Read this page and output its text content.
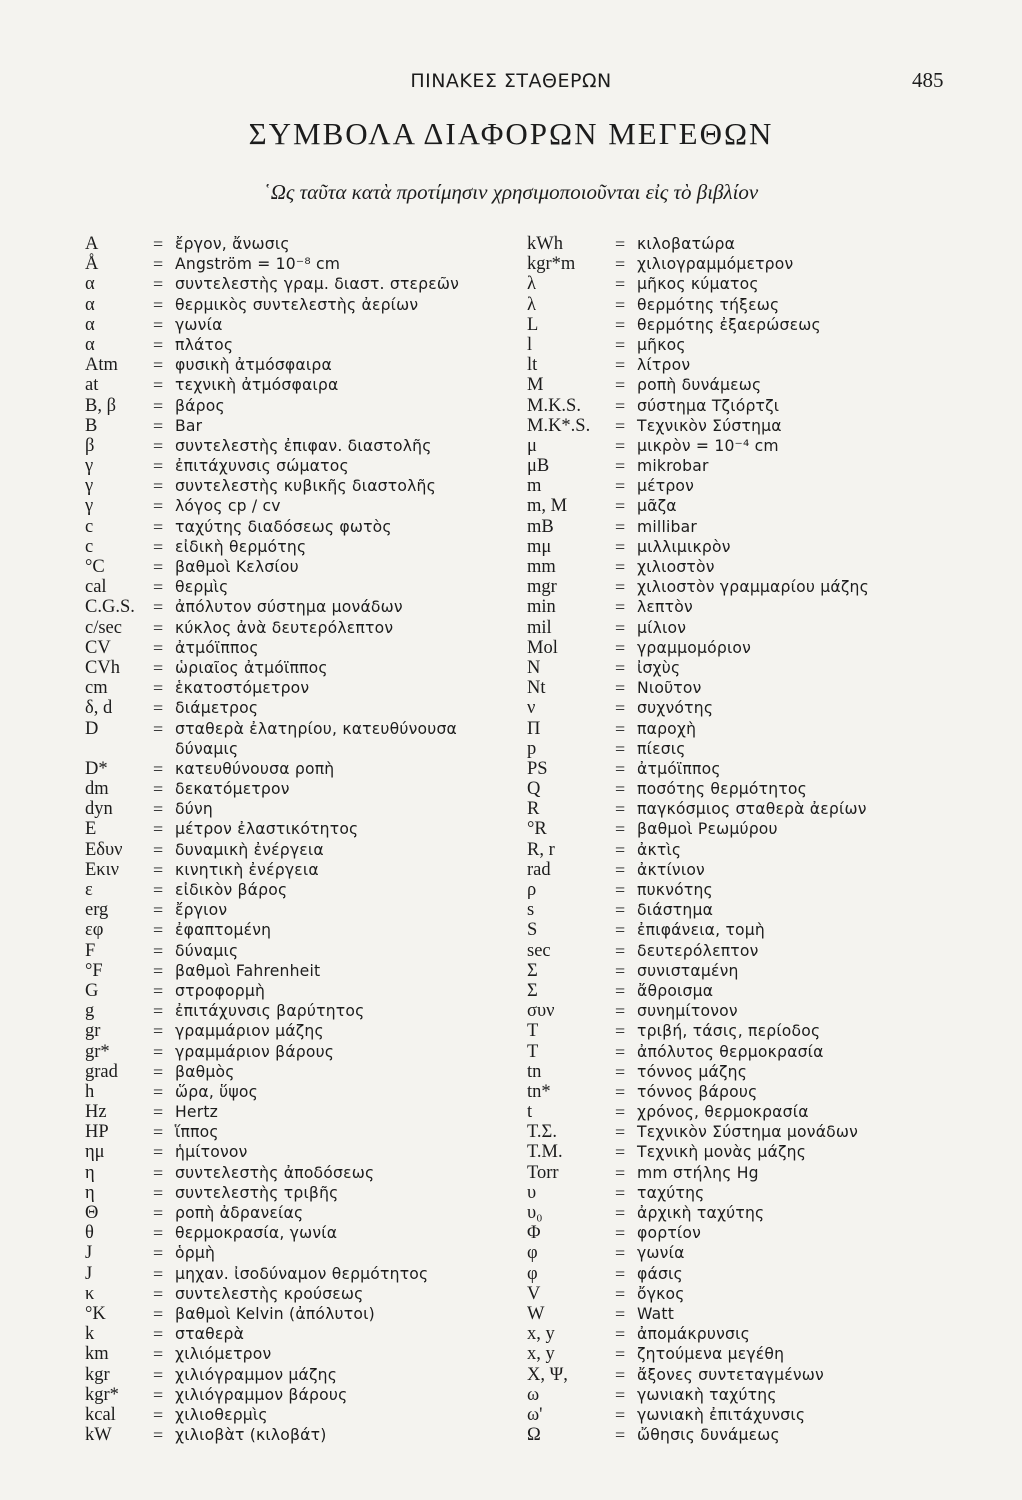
ΠΙΝΑΚΕΣ ΣΤΑΘΕΡΩΝ	485
ΣΥΜΒΟΛΑ ΔΙΑΦΟΡΩΝ ΜΕΓΕΘΩΝ
῾Ως ταῦτα κατὰ προτίμησιν χρησιμοποιοῦνται εἰς τὸ βιβλίον
A	= ἔργον, ἄνωσις
Å	= Angström = 10⁻⁸ cm
α	= συντελεστὴς γραμ. διαστ. στερεῶν
α	= θερμικὸς συντελεστὴς ἀερίων
α	= γωνία
α	= πλάτος
Atm	= φυσικὴ ἀτμόσφαιρα
at	= τεχνικὴ ἀτμόσφαιρα
B, β	= βάρος
B	= Bar
β	= συντελεστὴς ἐπιφαν. διαστολῆς
γ	= ἐπιτάχυνσις σώματος
γ	= συντελεστὴς κυβικῆς διαστολῆς
γ	= λόγος cp / cv
c	= ταχύτης διαδόσεως φωτὸς
c	= εἰδικὴ θερμότης
°C	= βαθμοὶ Κελσίου
cal	= θερμὶς
C.G.S.	= ἀπόλυτον σύστημα μονάδων
c/sec	= κύκλος ἀνὰ δευτερόλεπτον
CV	= ἀτμόϊππος
CVh	= ὡριαῖος ἀτμόϊππος
cm	= ἑκατοστόμετρον
δ, d	= διάμετρος
D	= σταθερὰ ἐλατηρίου, κατευθύνουσα δύναμις
D*	= κατευθύνουσα ροπὴ
dm	= δεκατόμετρον
dyn	= δύνη
E	= μέτρον ἐλαστικότητος
Eδυν	= δυναμικὴ ἐνέργεια
Eκιν	= κινητικὴ ἐνέργεια
ε	= εἰδικὸν βάρος
erg	= ἔργιον
εφ	= ἐφαπτομένη
F	= δύναμις
°F	= βαθμοὶ Fahrenheit
G	= στροφορμὴ
g	= ἐπιτάχυνσις βαρύτητος
gr	= γραμμάριον μάζης
gr*	= γραμμάριον βάρους
grad	= βαθμὸς
h	= ὥρα, ὕψος
Hz	= Hertz
HP	= ἵππος
ημ	= ἡμίτονον
η	= συντελεστὴς ἀποδόσεως
η	= συντελεστὴς τριβῆς
Θ	= ροπὴ ἀδρανείας
θ	= θερμοκρασία, γωνία
J	= ὁρμὴ
J	= μηχαν. ἰσοδύναμον θερμότητος
κ	= συντελεστὴς κρούσεως
°K	= βαθμοὶ Kelvin (ἀπόλυτοι)
k	= σταθερὰ
km	= χιλιόμετρον
kgr	= χιλιόγραμμον μάζης
kgr*	= χιλιόγραμμον βάρους
kcal	= χιλιοθερμὶς
kW	= χιλιοβὰτ (κιλοβάτ)
kWh	= κιλοβατώρα
kgr*m	= χιλιογραμμόμετρον
λ	= μῆκος κύματος
λ	= θερμότης τήξεως
L	= θερμότης ἐξαερώσεως
l	= μῆκος
lt	= λίτρον
M	= ροπὴ δυνάμεως
M.K.S.	= σύστημα Τζιόρτζι
M.K*.S.	= Τεχνικὸν Σύστημα
μ	= μικρὸν = 10⁻⁴ cm
μB	= mikrobar
m	= μέτρον
m, M	= μᾶζα
mB	= millibar
mμ	= μιλλιμικρὸν
mm	= χιλιοστὸν
mgr	= χιλιοστὸν γραμμαρίου μάζης
min	= λεπτὸν
mil	= μίλιον
Mol	= γραμμομόριον
N	= ἰσχὺς
Nt	= Νιοῦτον
ν	= συχνότης
Π	= παροχὴ
p	= πίεσις
PS	= ἀτμόϊππος
Q	= ποσότης θερμότητος
R	= παγκόσμιος σταθερὰ ἀερίων
°R	= βαθμοὶ Ρεωμύρου
R, r	= ἀκτὶς
rad	= ἀκτίνιον
ρ	= πυκνότης
s	= διάστημα
S	= ἐπιφάνεια, τομὴ
sec	= δευτερόλεπτον
Σ	= συνισταμένη
Σ	= ἄθροισμα
συν	= συνημίτονον
T	= τριβή, τάσις, περίοδος
T	= ἀπόλυτος θερμοκρασία
tn	= τόννος μάζης
tn*	= τόννος βάρους
t	= χρόνος, θερμοκρασία
T.Σ.	= Τεχνικὸν Σύστημα μονάδων
T.M.	= Τεχνικὴ μονὰς μάζης
Torr	= mm στήλης Hg
υ	= ταχύτης
υ₀	= ἀρχικὴ ταχύτης
Φ	= φορτίον
φ	= γωνία
φ	= φάσις
V	= ὄγκος
W	= Watt
x, y	= ἀπομάκρυνσις
x, y	= ζητούμενα μεγέθη
X, Ψ,	= ἄξονες συντεταγμένων
ω	= γωνιακὴ ταχύτης
ω'	= γωνιακὴ ἐπιτάχυνσις
Ω	= ὤθησις δυνάμεως
